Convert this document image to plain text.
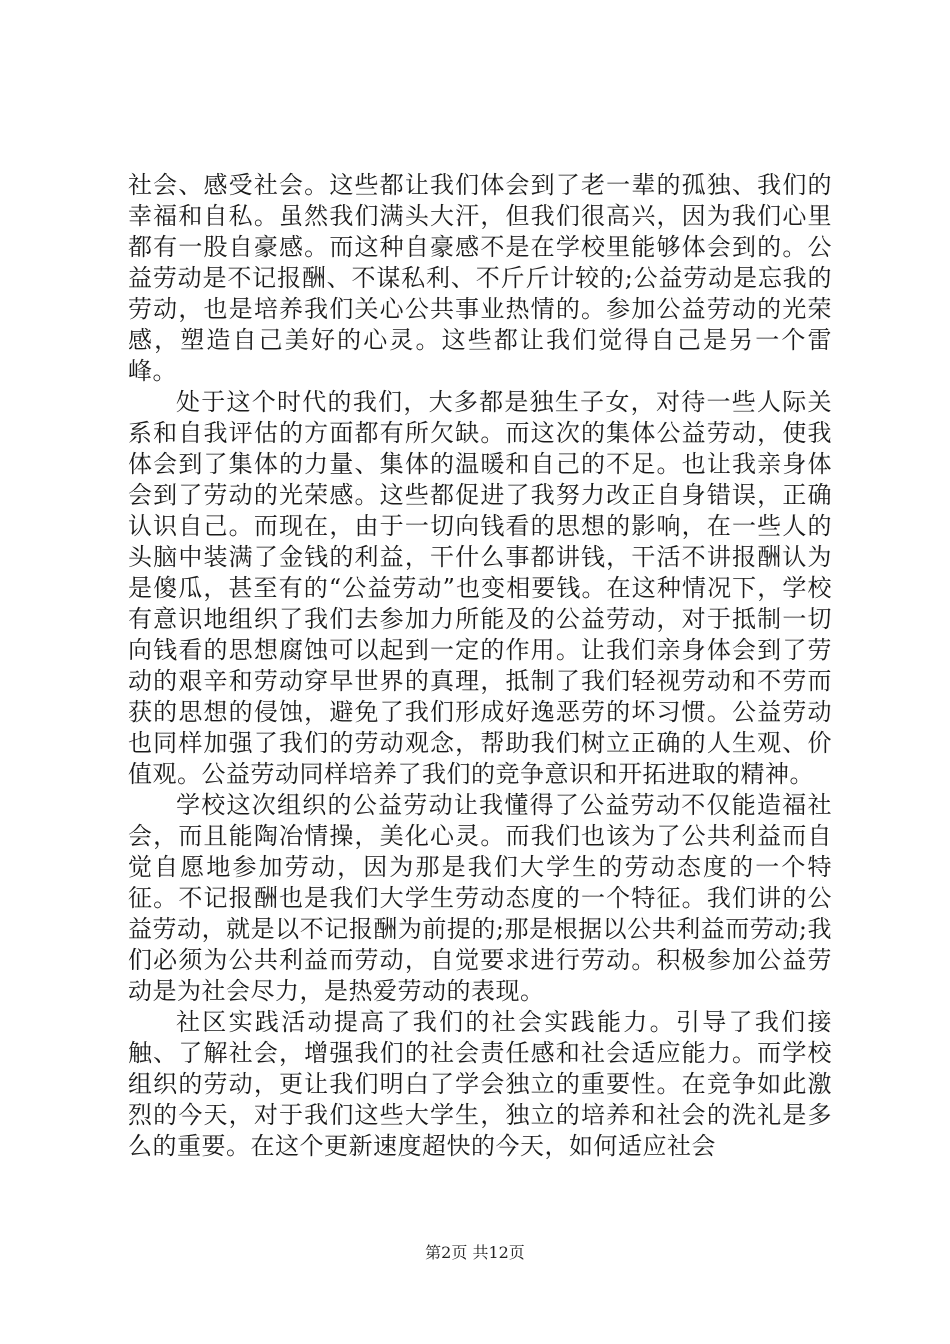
社会、感受社会。这些都让我们体会到了老一辈的孤独、我们的幸福和自私。虽然我们满头大汗，但我们很高兴，因为我们心里都有一股自豪感。而这种自豪感不是在学校里能够体会到的。公益劳动是不记报酬、不谋私利、不斤斤计较的;公益劳动是忘我的劳动，也是培养我们关心公共事业热情的。参加公益劳动的光荣感，塑造自己美好的心灵。这些都让我们觉得自己是另一个雷峰。

处于这个时代的我们，大多都是独生子女，对待一些人际关系和自我评估的方面都有所欠缺。而这次的集体公益劳动，使我体会到了集体的力量、集体的温暖和自己的不足。也让我亲身体会到了劳动的光荣感。这些都促进了我努力改正自身错误，正确认识自己。而现在，由于一切向钱看的思想的影响，在一些人的头脑中装满了金钱的利益，干什么事都讲钱，干活不讲报酬认为是傻瓜，甚至有的“公益劳动”也变相要钱。在这种情况下，学校有意识地组织了我们去参加力所能及的公益劳动，对于抵制一切向钱看的思想腐蚀可以起到一定的作用。让我们亲身体会到了劳动的艰辛和劳动穿早世界的真理，抵制了我们轻视劳动和不劳而获的思想的侵蚀，避免了我们形成好逸恶劳的坏习惯。公益劳动也同样加强了我们的劳动观念，帮助我们树立正确的人生观、价值观。公益劳动同样培养了我们的竞争意识和开拓进取的精神。

学校这次组织的公益劳动让我懂得了公益劳动不仅能造福社会，而且能陶冶情操，美化心灵。而我们也该为了公共利益而自觉自愿地参加劳动，因为那是我们大学生的劳动态度的一个特征。不记报酬也是我们大学生劳动态度的一个特征。我们讲的公益劳动，就是以不记报酬为前提的;那是根据以公共利益而劳动;我们必须为公共利益而劳动，自觉要求进行劳动。积极参加公益劳动是为社会尽力，是热爱劳动的表现。

社区实践活动提高了我们的社会实践能力。引导了我们接触、了解社会，增强我们的社会责任感和社会适应能力。而学校组织的劳动，更让我们明白了学会独立的重要性。在竞争如此激烈的今天，对于我们这些大学生，独立的培养和社会的洗礼是多么的重要。在这个更新速度超快的今天，如何适应社会

第2页 共12页
